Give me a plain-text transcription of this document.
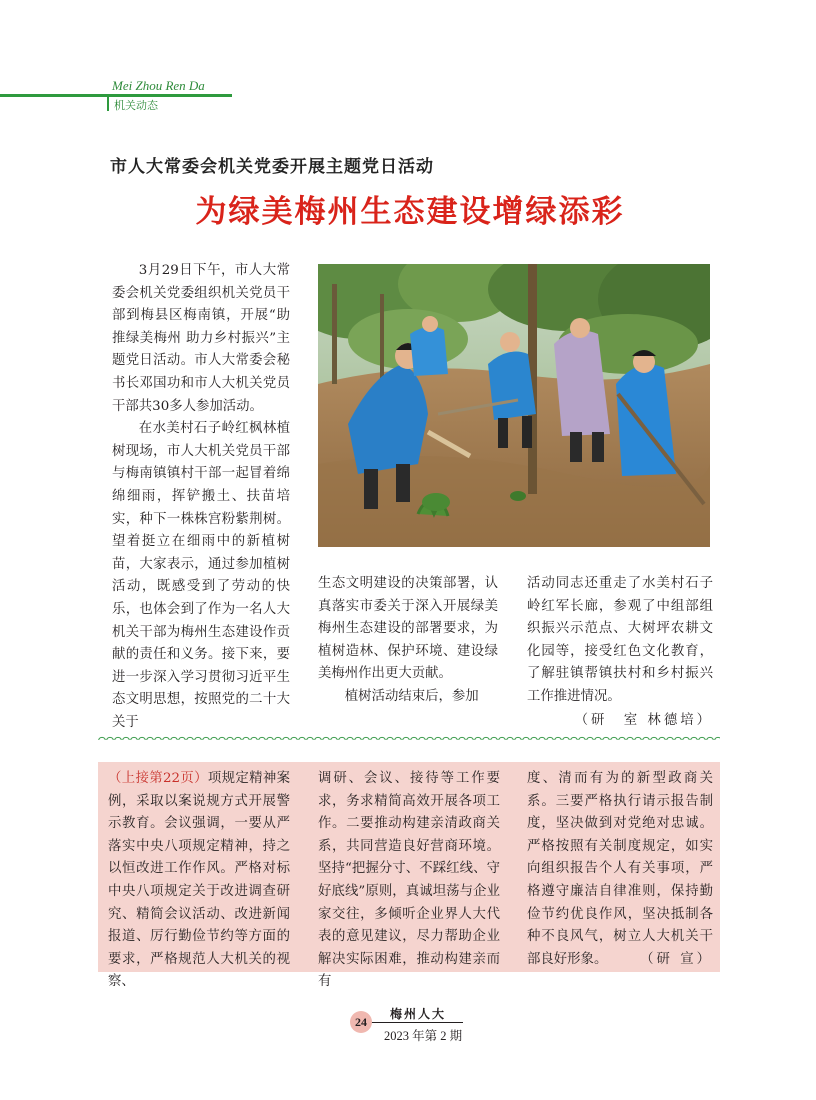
Mei Zhou Ren Da
机关动态
市人大常委会机关党委开展主题党日活动
为绿美梅州生态建设增绿添彩

3月29日下午，市人大常委会机关党委组织机关党员干部到梅县区梅南镇，开展“助推绿美梅州 助力乡村振兴”主题党日活动。市人大常委会秘书长邓国功和市人大机关党员干部共30多人参加活动。

在水美村石子岭红枫林植树现场，市人大机关党员干部与梅南镇镇村干部一起冒着绵绵细雨，挥铲搬土、扶苗培实，种下一株株宫粉紫荆树。望着挺立在细雨中的新植树苗，大家表示，通过参加植树活动，既感受到了劳动的快乐，也体会到了作为一名人大机关干部为梅州生态建设作贡献的责任和义务。接下来，要进一步深入学习贯彻习近平生态文明思想，按照党的二十大关于

生态文明建设的决策部署，认真落实市委关于深入开展绿美梅州生态建设的部署要求，为植树造林、保护环境、建设绿美梅州作出更大贡献。

植树活动结束后，参加

活动同志还重走了水美村石子岭红军长廊，参观了中组部组织振兴示范点、大树坪农耕文化园等，接受红色文化教育，了解驻镇帮镇扶村和乡村振兴工作推进情况。

（研　室 林德培）

（上接第22页）项规定精神案例，采取以案说规方式开展警示教育。会议强调，一要从严落实中央八项规定精神，持之以恒改进工作作风。严格对标中央八项规定关于改进调查研究、精简会议活动、改进新闻报道、厉行勤俭节约等方面的要求，严格规范人大机关的视察、

调研、会议、接待等工作要求，务求精简高效开展各项工作。二要推动构建亲清政商关系，共同营造良好营商环境。坚持“把握分寸、不踩红线、守好底线”原则，真诚坦荡与企业家交往，多倾听企业界人大代表的意见建议，尽力帮助企业解决实际困难，推动构建亲而有

度、清而有为的新型政商关系。三要严格执行请示报告制度，坚决做到对党绝对忠诚。严格按照有关制度规定，如实向组织报告个人有关事项，严格遵守廉洁自律准则，保持勤俭节约优良作风，坚决抵制各种不良风气，树立人大机关干部良好形象。 （研 宣）

24
梅州人大
2023 年第 2 期
